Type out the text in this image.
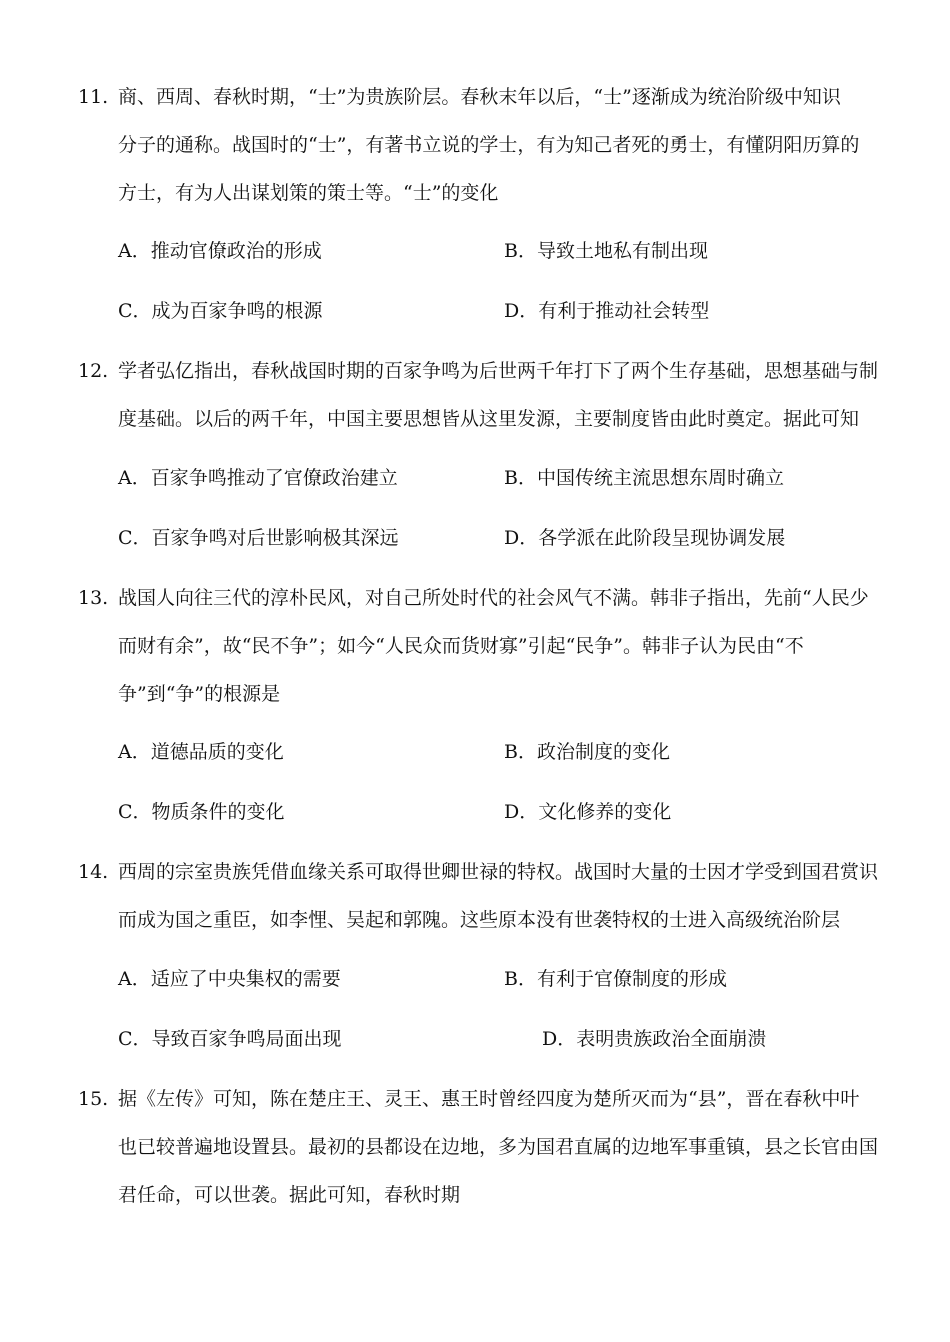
11. 商、西周、春秋时期，“士”为贵族阶层。春秋末年以后，“士”逐渐成为统治阶级中知识
分子的通称。战国时的“士”，有著书立说的学士，有为知己者死的勇士，有懂阴阳历算的
方士，有为人出谋划策的策士等。“士”的变化
A．推动官僚政治的形成	B．导致土地私有制出现
C．成为百家争鸣的根源	D．有利于推动社会转型
12. 学者弘亿指出，春秋战国时期的百家争鸣为后世两千年打下了两个生存基础，思想基础与制
度基础。以后的两千年，中国主要思想皆从这里发源，主要制度皆由此时奠定。据此可知
A．百家争鸣推动了官僚政治建立	B．中国传统主流思想东周时确立
C．百家争鸣对后世影响极其深远	D．各学派在此阶段呈现协调发展
13. 战国人向往三代的淳朴民风，对自己所处时代的社会风气不满。韩非子指出，先前“人民少
而财有余”，故“民不争”；如今“人民众而货财寡”引起“民争”。韩非子认为民由“不
争”到“争”的根源是
A．道德品质的变化	B．政治制度的变化
C．物质条件的变化	D．文化修养的变化
14. 西周的宗室贵族凭借血缘关系可取得世卿世禄的特权。战国时大量的士因才学受到国君赏识
而成为国之重臣，如李悝、吴起和郭隗。这些原本没有世袭特权的士进入高级统治阶层
A．适应了中央集权的需要	B．有利于官僚制度的形成
C．导致百家争鸣局面出现	D．表明贵族政治全面崩溃
15. 据《左传》可知，陈在楚庄王、灵王、惠王时曾经四度为楚所灭而为“县”，晋在春秋中叶
也已较普遍地设置县。最初的县都设在边地，多为国君直属的边地军事重镇，县之长官由国
君任命，可以世袭。据此可知，春秋时期
